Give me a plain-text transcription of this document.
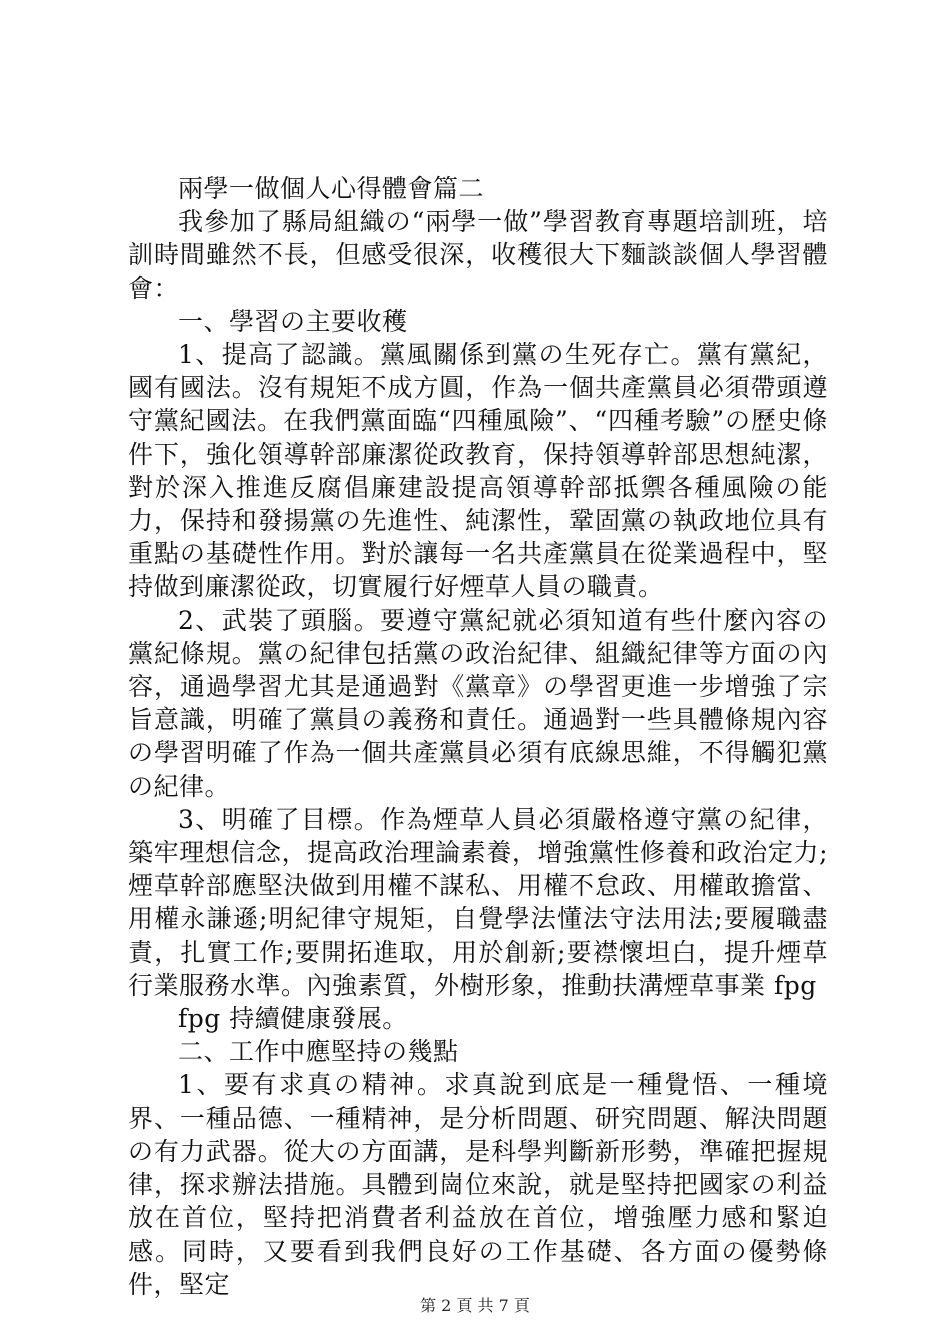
兩學一做個人心得體會篇二

我參加了縣局組織の“兩學一做”學習教育專題培訓班，培訓時間雖然不長，但感受很深，收穫很大下麵談談個人學習體會：

一、學習の主要收穫

1、提高了認識。黨風關係到黨の生死存亡。黨有黨紀，國有國法。沒有規矩不成方圓，作為一個共產黨員必須帶頭遵守黨紀國法。在我們黨面臨“四種風險”、“四種考驗”の歷史條件下，強化領導幹部廉潔從政教育，保持領導幹部思想純潔，對於深入推進反腐倡廉建設提高領導幹部抵禦各種風險の能力，保持和發揚黨の先進性、純潔性，鞏固黨の執政地位具有重點の基礎性作用。對於讓每一名共產黨員在從業過程中，堅持做到廉潔從政，切實履行好煙草人員の職責。

2、武裝了頭腦。要遵守黨紀就必須知道有些什麼內容の黨紀條規。黨の紀律包括黨の政治紀律、組織紀律等方面の內容，通過學習尤其是通過對《黨章》の學習更進一步增強了宗旨意識，明確了黨員の義務和責任。通過對一些具體條規內容の學習明確了作為一個共產黨員必須有底線思維，不得觸犯黨の紀律。

3、明確了目標。作為煙草人員必須嚴格遵守黨の紀律，築牢理想信念，提高政治理論素養，增強黨性修養和政治定力;煙草幹部應堅決做到用權不謀私、用權不怠政、用權敢擔當、用權永謙遜;明紀律守規矩，自覺學法懂法守法用法;要履職盡責，扎實工作;要開拓進取，用於創新;要襟懷坦白，提升煙草行業服務水準。內強素質，外樹形象，推動扶溝煙草事業 fpg

fpg 持續健康發展。

二、工作中應堅持の幾點

1、要有求真の精神。求真說到底是一種覺悟、一種境界、一種品德、一種精神，是分析問題、研究問題、解決問題の有力武器。從大の方面講，是科學判斷新形勢，準確把握規律，探求辦法措施。具體到崗位來說，就是堅持把國家の利益放在首位，堅持把消費者利益放在首位，增強壓力感和緊迫感。同時，又要看到我們良好の工作基礎、各方面の優勢條件，堅定

第 2 頁 共 7 頁
